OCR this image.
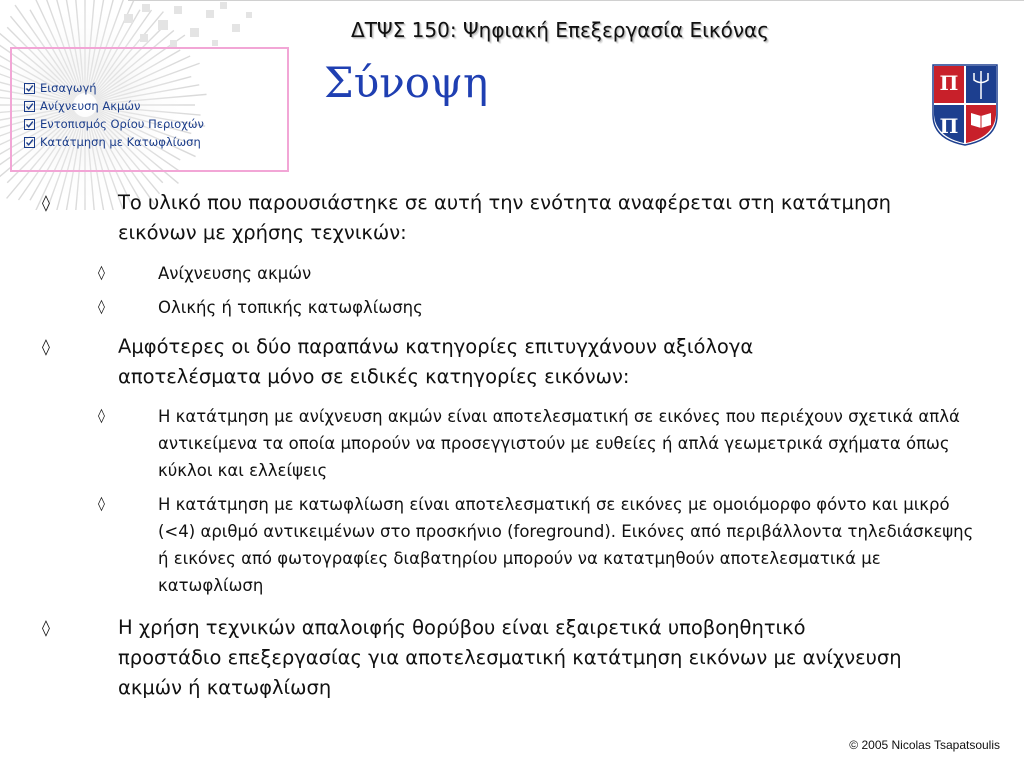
ΔΤΨΣ 150: Ψηφιακή Επεξεργασία Εικόνας
Σύνοψη
Εισαγωγή
Ανίχνευση Ακμών
Εντοπισμός Ορίου Περιοχών
Κατάτμηση με Κατωφλίωση
Π
Π
◊	Το υλικό που παρουσιάστηκε σε αυτή την ενότητα αναφέρεται στη κατάτμηση εικόνων με χρήσης τεχνικών:
◊	Ανίχνευσης ακμών
◊	Ολικής ή τοπικής κατωφλίωσης
◊	Αμφότερες οι δύο παραπάνω κατηγορίες επιτυγχάνουν αξιόλογα αποτελέσματα μόνο σε ειδικές κατηγορίες εικόνων:
◊	Η κατάτμηση με ανίχνευση ακμών είναι αποτελεσματική σε εικόνες που περιέχουν σχετικά απλά αντικείμενα τα οποία μπορούν να προσεγγιστούν με ευθείες ή απλά γεωμετρικά σχήματα όπως κύκλοι και ελλείψεις
◊	Η κατάτμηση με κατωφλίωση είναι αποτελεσματική σε εικόνες με ομοιόμορφο φόντο και μικρό (<4) αριθμό αντικειμένων στο προσκήνιο (foreground). Εικόνες από περιβάλλοντα τηλεδιάσκεψης ή εικόνες από φωτογραφίες διαβατηρίου μπορούν να κατατμηθούν αποτελεσματικά με κατωφλίωση
◊	Η χρήση τεχνικών απαλοιφής θορύβου είναι εξαιρετικά υποβοηθητικό προστάδιο επεξεργασίας για αποτελεσματική κατάτμηση εικόνων με ανίχνευση ακμών ή κατωφλίωση
© 2005 Nicolas Tsapatsoulis
